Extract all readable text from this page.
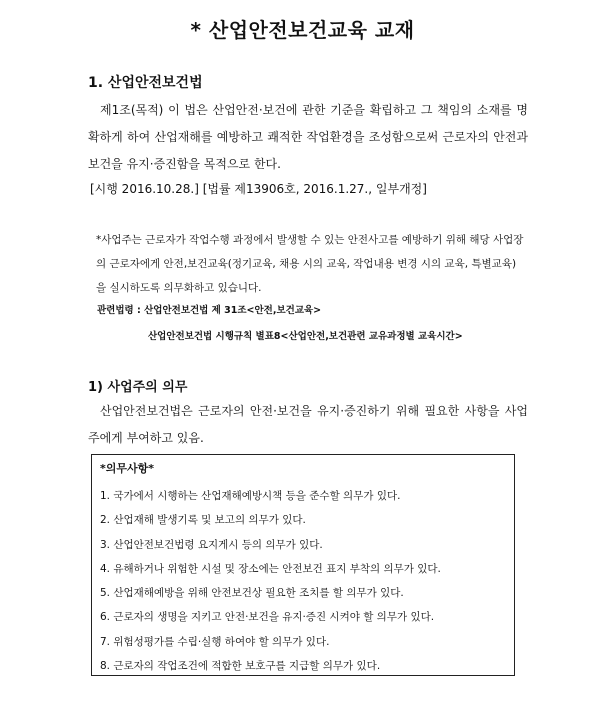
* 산업안전보건교육 교재
1. 산업안전보건법

제1조(목적) 이 법은 산업안전·보건에 관한 기준을 확립하고 그 책임의 소재를 명확하게 하여 산업재해를 예방하고 쾌적한 작업환경을 조성함으로써 근로자의 안전과 보건을 유지·증진함을 목적으로 한다.

[시행 2016.10.28.] [법률 제13906호, 2016.1.27., 일부개정]

*사업주는 근로자가 작업수행 과정에서 발생할 수 있는 안전사고를 예방하기 위해 해당 사업장의 근로자에게 안전,보건교육(정기교육, 채용 시의 교육, 작업내용 변경 시의 교육, 특별교육)을 실시하도록 의무화하고 있습니다.

관련법령 : 산업안전보건법 제 31조<안전,보건교육>

산업안전보건법 시행규칙 별표8<산업안전,보건관련 교유과정별 교육시간>

1) 사업주의 의무

산업안전보건법은 근로자의 안전·보건을 유지·증진하기 위해 필요한 사항을 사업주에게 부여하고 있음.

*의무사항*

1. 국가에서 시행하는 산업재해예방시책 등을 준수할 의무가 있다.
2. 산업재해 발생기록 및 보고의 의무가 있다.
3. 산업안전보건법령 요지게시 등의 의무가 있다.
4. 유해하거나 위험한 시설 및 장소에는 안전보건 표지 부착의 의무가 있다.
5. 산업재해예방을 위해 안전보건상 필요한 조치를 할 의무가 있다.
6. 근로자의 생명을 지키고 안전·보건을 유지·증진 시켜야 할 의무가 있다.
7. 위험성평가를 수립·실행 하여야 할 의무가 있다.
8. 근로자의 작업조건에 적합한 보호구를 지급할 의무가 있다.
